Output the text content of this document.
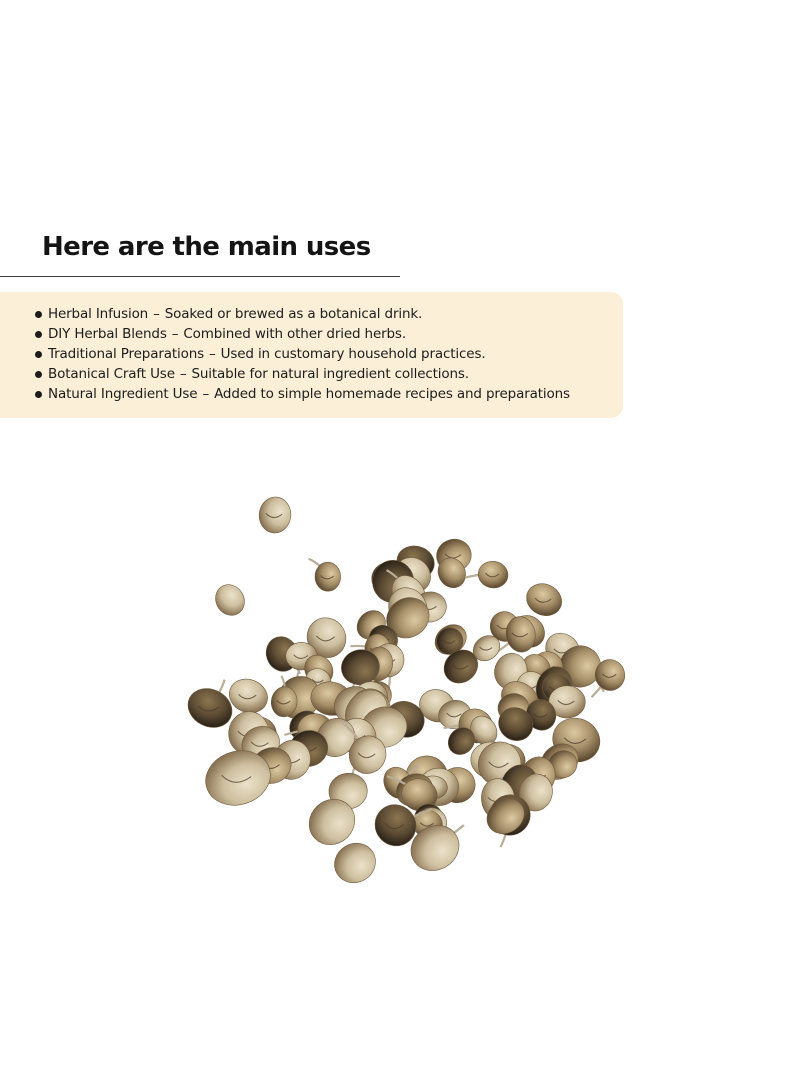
Here are the main uses
Herbal Infusion – Soaked or brewed as a botanical drink.
DIY Herbal Blends – Combined with other dried herbs.
Traditional Preparations – Used in customary household practices.
Botanical Craft Use – Suitable for natural ingredient collections.
Natural Ingredient Use – Added to simple homemade recipes and preparations
